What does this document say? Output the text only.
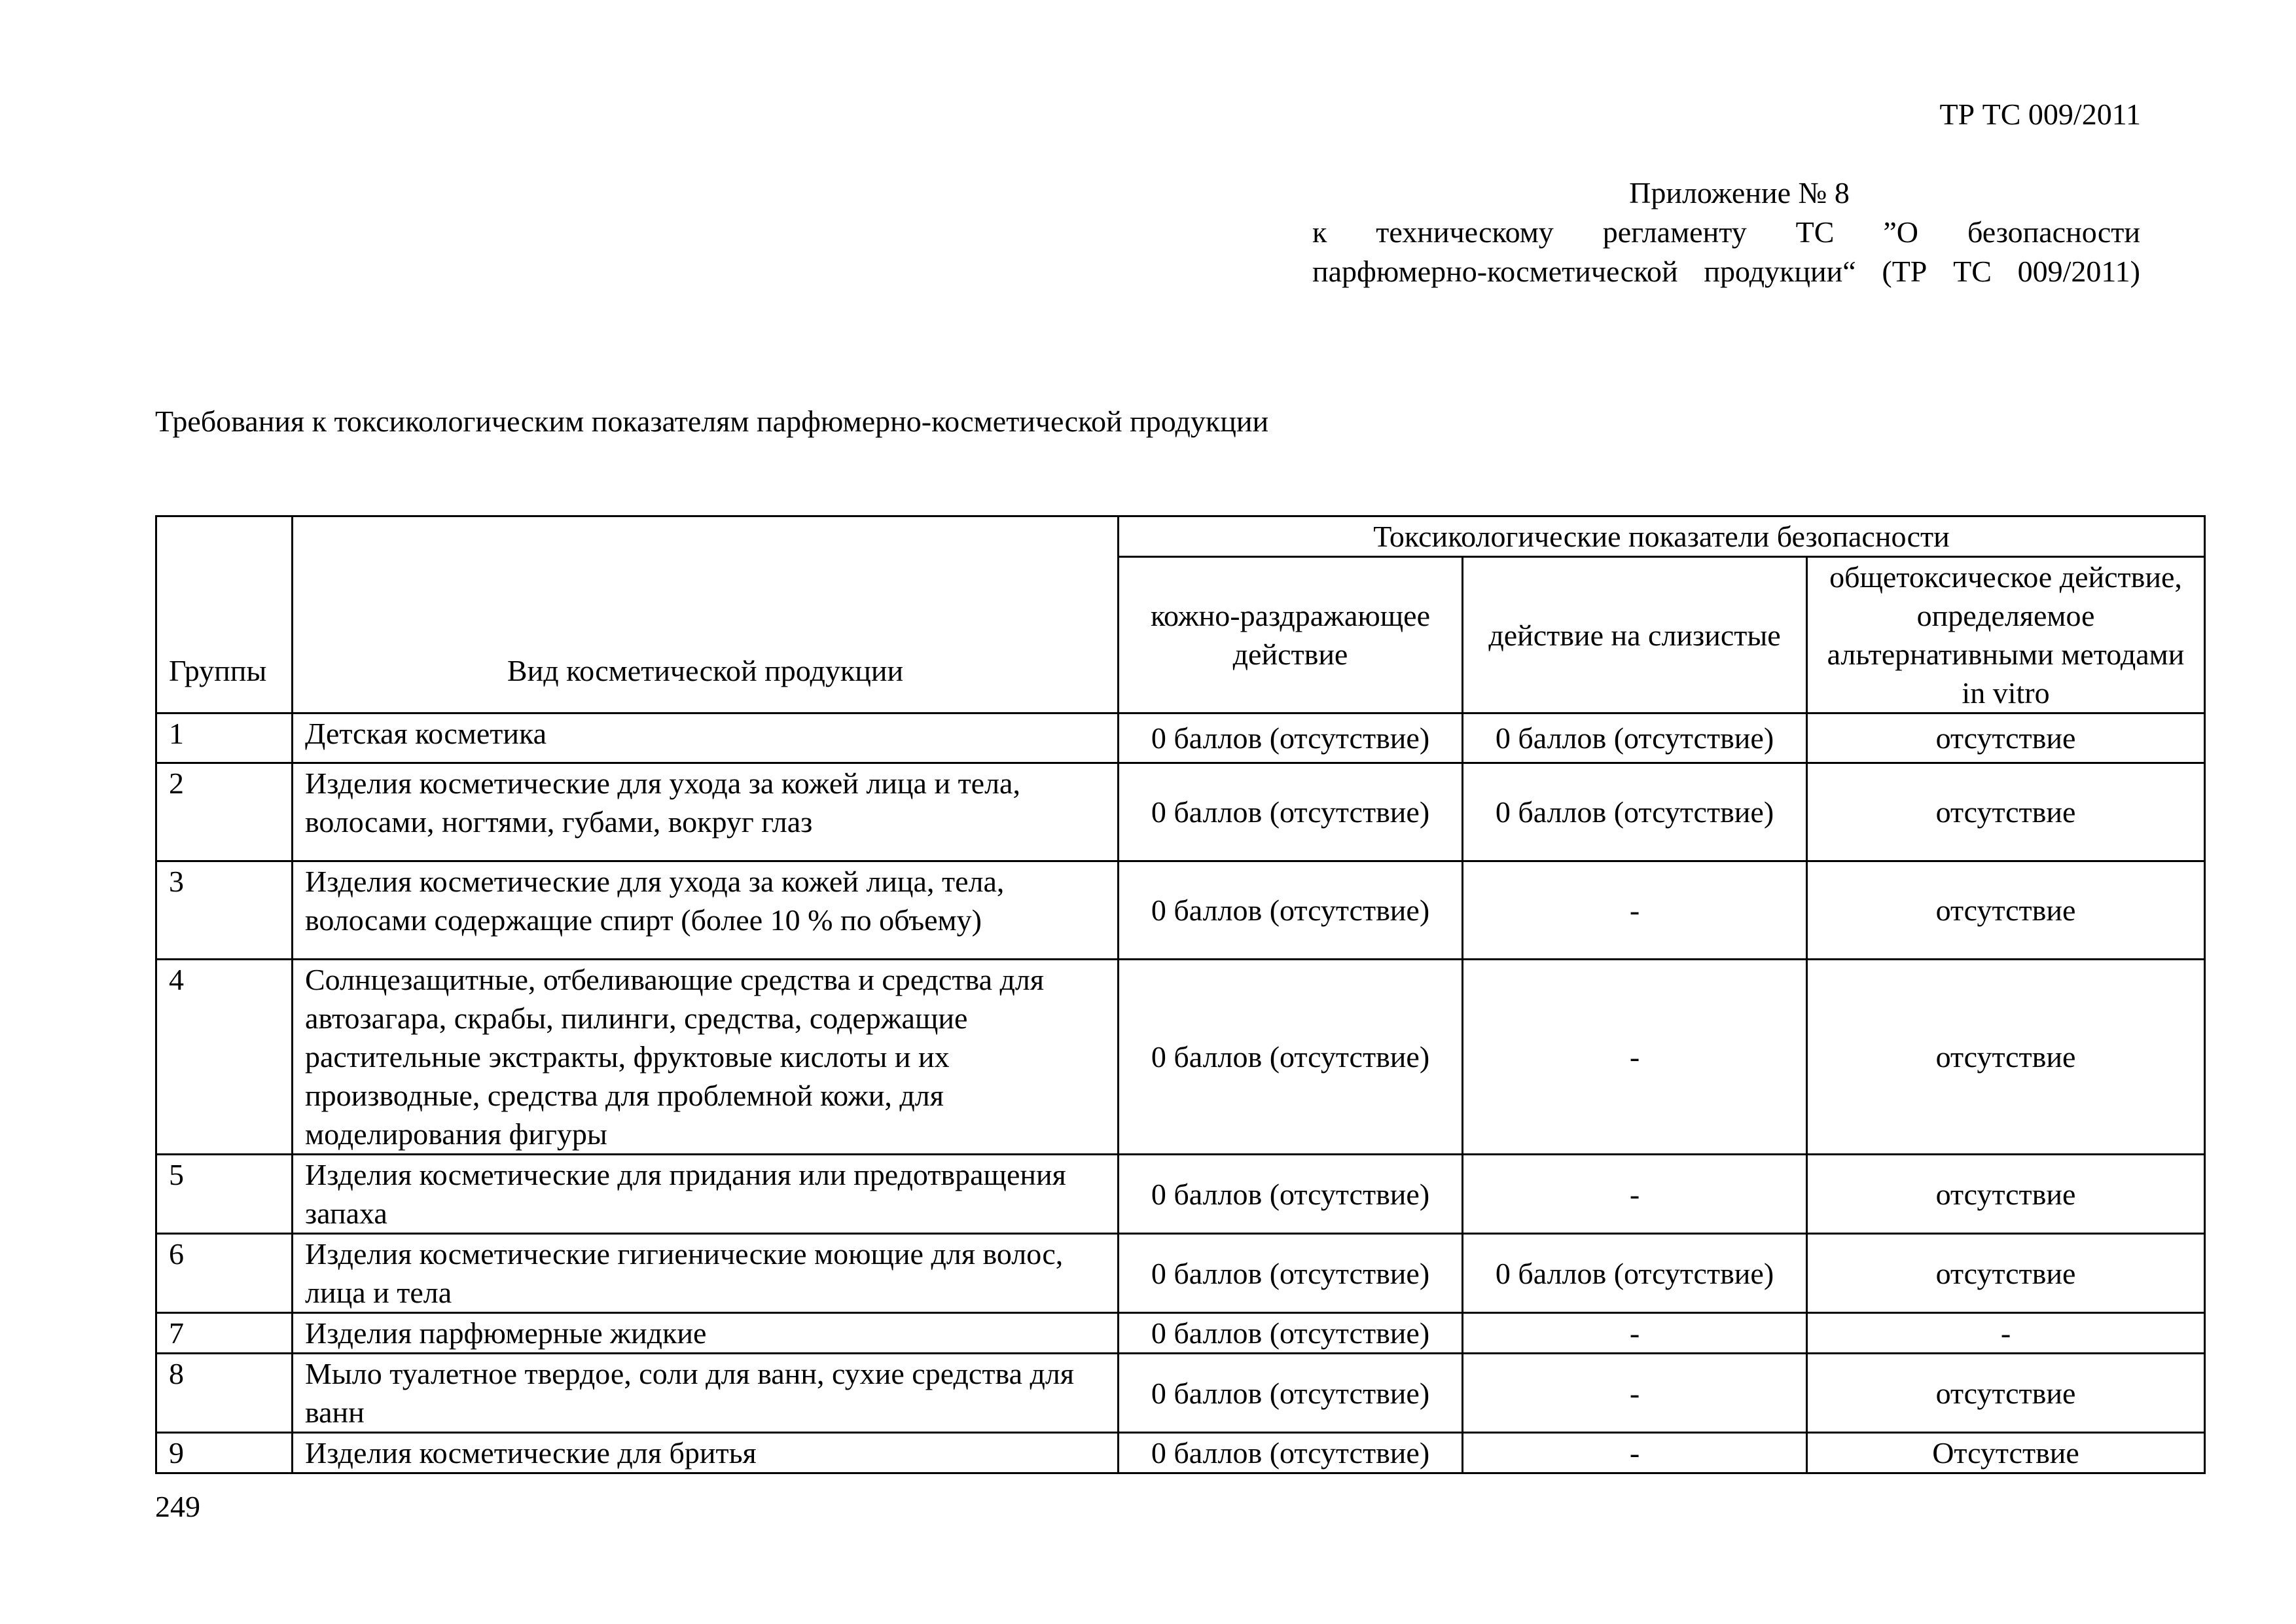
ТР ТС 009/2011
Приложение № 8
к техническому регламенту ТС ”О безопасности
парфюмерно-косметической продукции“ (ТР ТС 009/2011)
Требования к токсикологическим показателям парфюмерно-косметической продукции
Группы	Вид косметической продукции	Токсикологические показатели безопасности		
		кожно-раздражающее действие	действие на слизистые	общетоксическое действие, определяемое альтернативными методами in vitro
1	Детская косметика	0 баллов (отсутствие)	0 баллов (отсутствие)	отсутствие
2	Изделия косметические для ухода за кожей лица и тела, волосами, ногтями, губами, вокруг глаз	0 баллов (отсутствие)	0 баллов (отсутствие)	отсутствие
3	Изделия косметические для ухода за кожей лица, тела, волосами содержащие спирт (более 10 % по объему)	0 баллов (отсутствие)	-	отсутствие
4	Солнцезащитные, отбеливающие средства и средства для автозагара, скрабы, пилинги, средства, содержащие растительные экстракты, фруктовые кислоты и их производные, средства для проблемной кожи, для моделирования фигуры	0 баллов (отсутствие)	-	отсутствие
5	Изделия косметические для придания или предотвращения запаха	0 баллов (отсутствие)	-	отсутствие
6	Изделия косметические гигиенические моющие для волос, лица и тела	0 баллов (отсутствие)	0 баллов (отсутствие)	отсутствие
7	Изделия парфюмерные жидкие	0 баллов (отсутствие)	-	-
8	Мыло туалетное твердое, соли для ванн, сухие средства для ванн	0 баллов (отсутствие)	-	отсутствие
9	Изделия косметические для бритья	0 баллов (отсутствие)	-	Отсутствие
249
